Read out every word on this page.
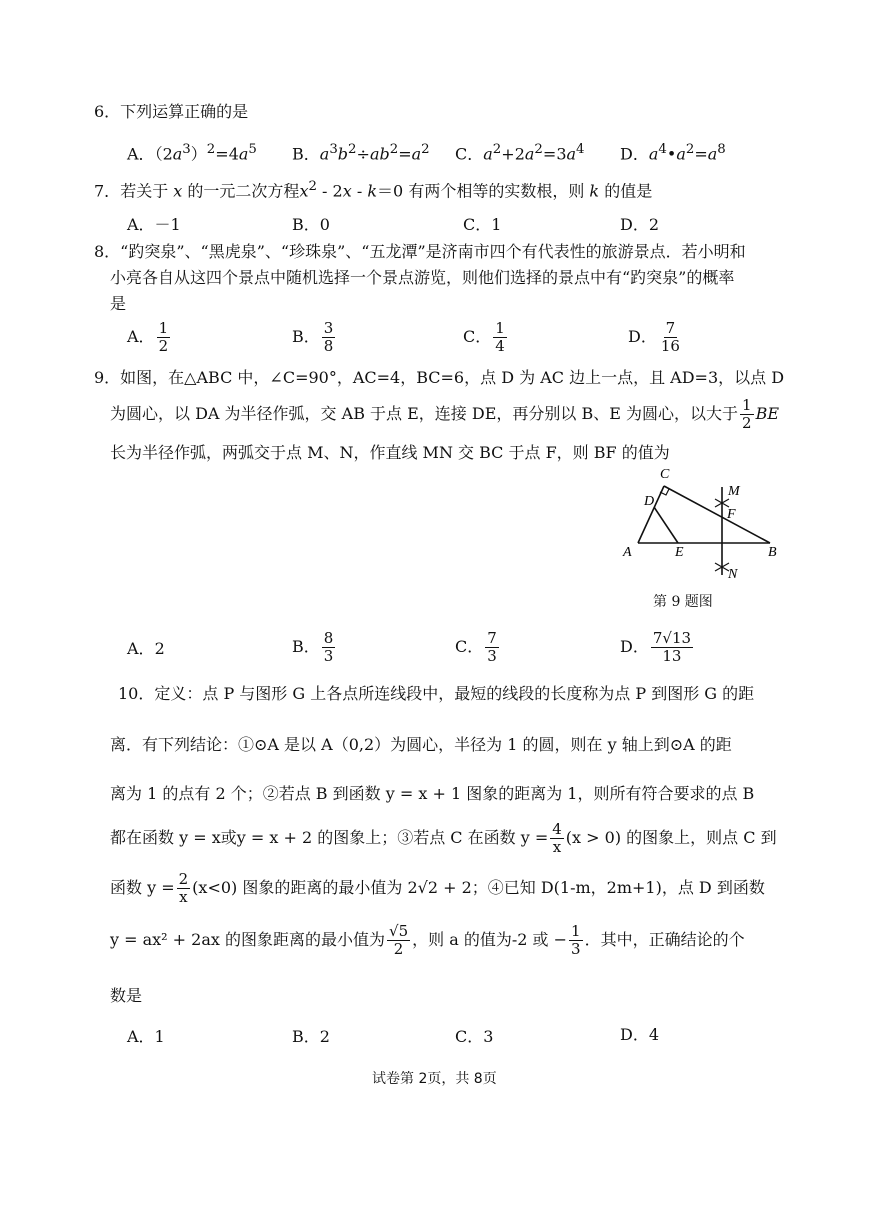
6．下列运算正确的是
A．$(2a^3)^2=4a^5$ B．$a^3b^2\div ab^2=a^2$ C．$a^2+2a^2=3a^4$ D．$a^4•a^2=a^8$
7．若关于 x 的一元二次方程$x^2 - 2x - k=0$ 有两个相等的实数根，则 k 的值是
A．－1	B．0	C．1	D．2
8．“趵突泉”、“黑虎泉”、“珍珠泉”、“五龙潭”是济南市四个有代表性的旅游景点．若小明和
小亮各自从这四个景点中随机选择一个景点游览，则他们选择的景点中有“趵突泉”的概率
是
A． $\frac{1}{2}$	B． $\frac{3}{8}$	C． $\frac{1}{4}$	D． $\frac{7}{16}$
9．如图，在△ABC 中，∠C=90°，AC=4，BC=6，点 D 为 AC 边上一点，且 AD=3，以点 D
为圆心，以 DA 为半径作弧，交 AB 于点 E，连接 DE，再分别以 B、E 为圆心，以大于 $\frac{1}{2}$ BE
长为半径作弧，两弧交于点 M、N，作直线 MN 交 BC 于点 F，则 BF 的值为
C
D
A	E
F
M
N
B
第 9 题图
A．2	B． $\frac{8}{3}$	C． $\frac{7}{3}$	D． $\frac{7√13}{13}$
10．定义：点 P 与图形 G 上各点所连线段中，最短的线段的长度称为点 P 到图形 G 的距
离．有下列结论：①⊙A 是以 A（0,2）为圆心，半径为 1 的圆，则在 y 轴上到⊙A 的距
离为 1 的点有 2 个；②若点 B 到函数 y = x + 1 图象的距离为 1，则所有符合要求的点 B
都在函数 y = x或y = x + 2 的图象上；③若点 C 在函数 $y = \frac{4}{x} (x > 0)$ 的图象上，则点 C 到
函数 $y = \frac{2}{x} (x<0)$ 图象的距离的最小值为 2√2 + 2；④已知 D(1-m，2m+1)，点 D 到函数
y = ax² + 2ax 的图象距离的最小值为 $\frac{√5}{2}$ ，则 a 的值为-2 或 − $\frac{1}{3}$ ．其中，正确结论的个
数是
A．1	B．2	C．3	D．4
试卷第 2页，共 8页
